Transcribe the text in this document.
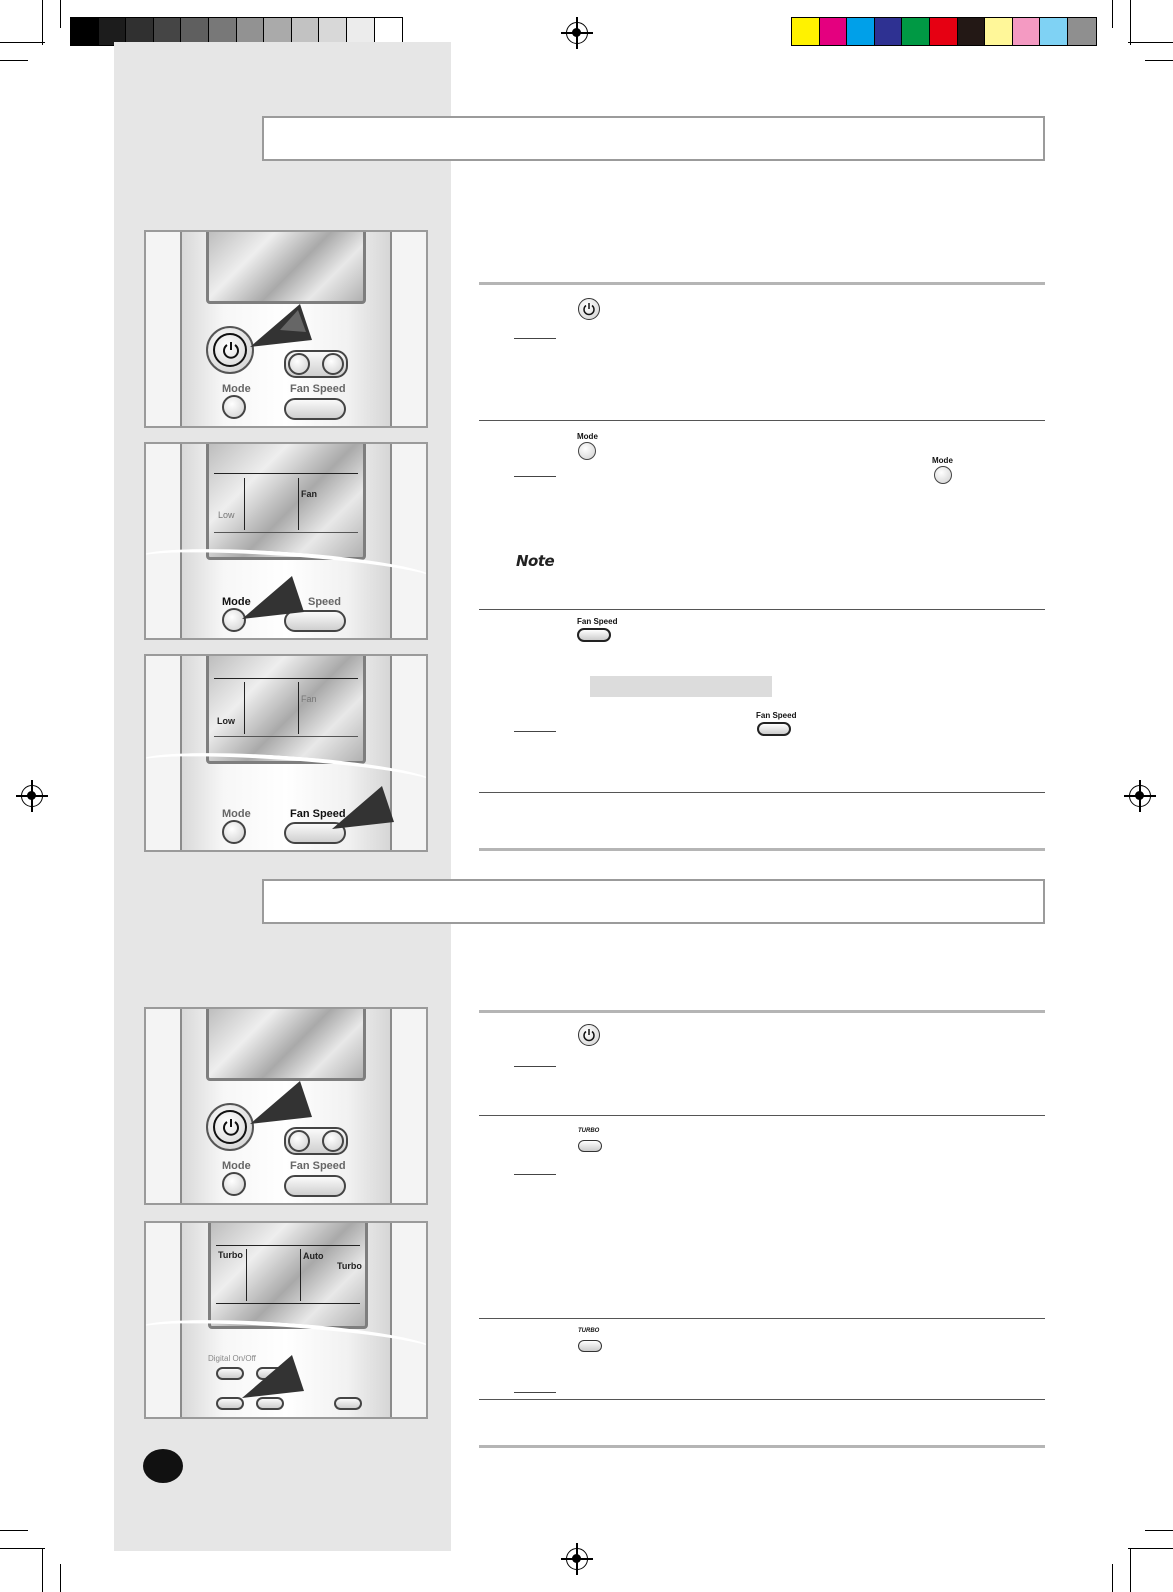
Mode	Fan Speed
Low
Fan
Mode	Speed
Low
Fan
Mode	Fan Speed
Mode
Mode
Note
Fan Speed
Fan Speed
Mode	Fan Speed
Turbo	Auto
Turbo
Digital On/Off
TURBO
TURBO
